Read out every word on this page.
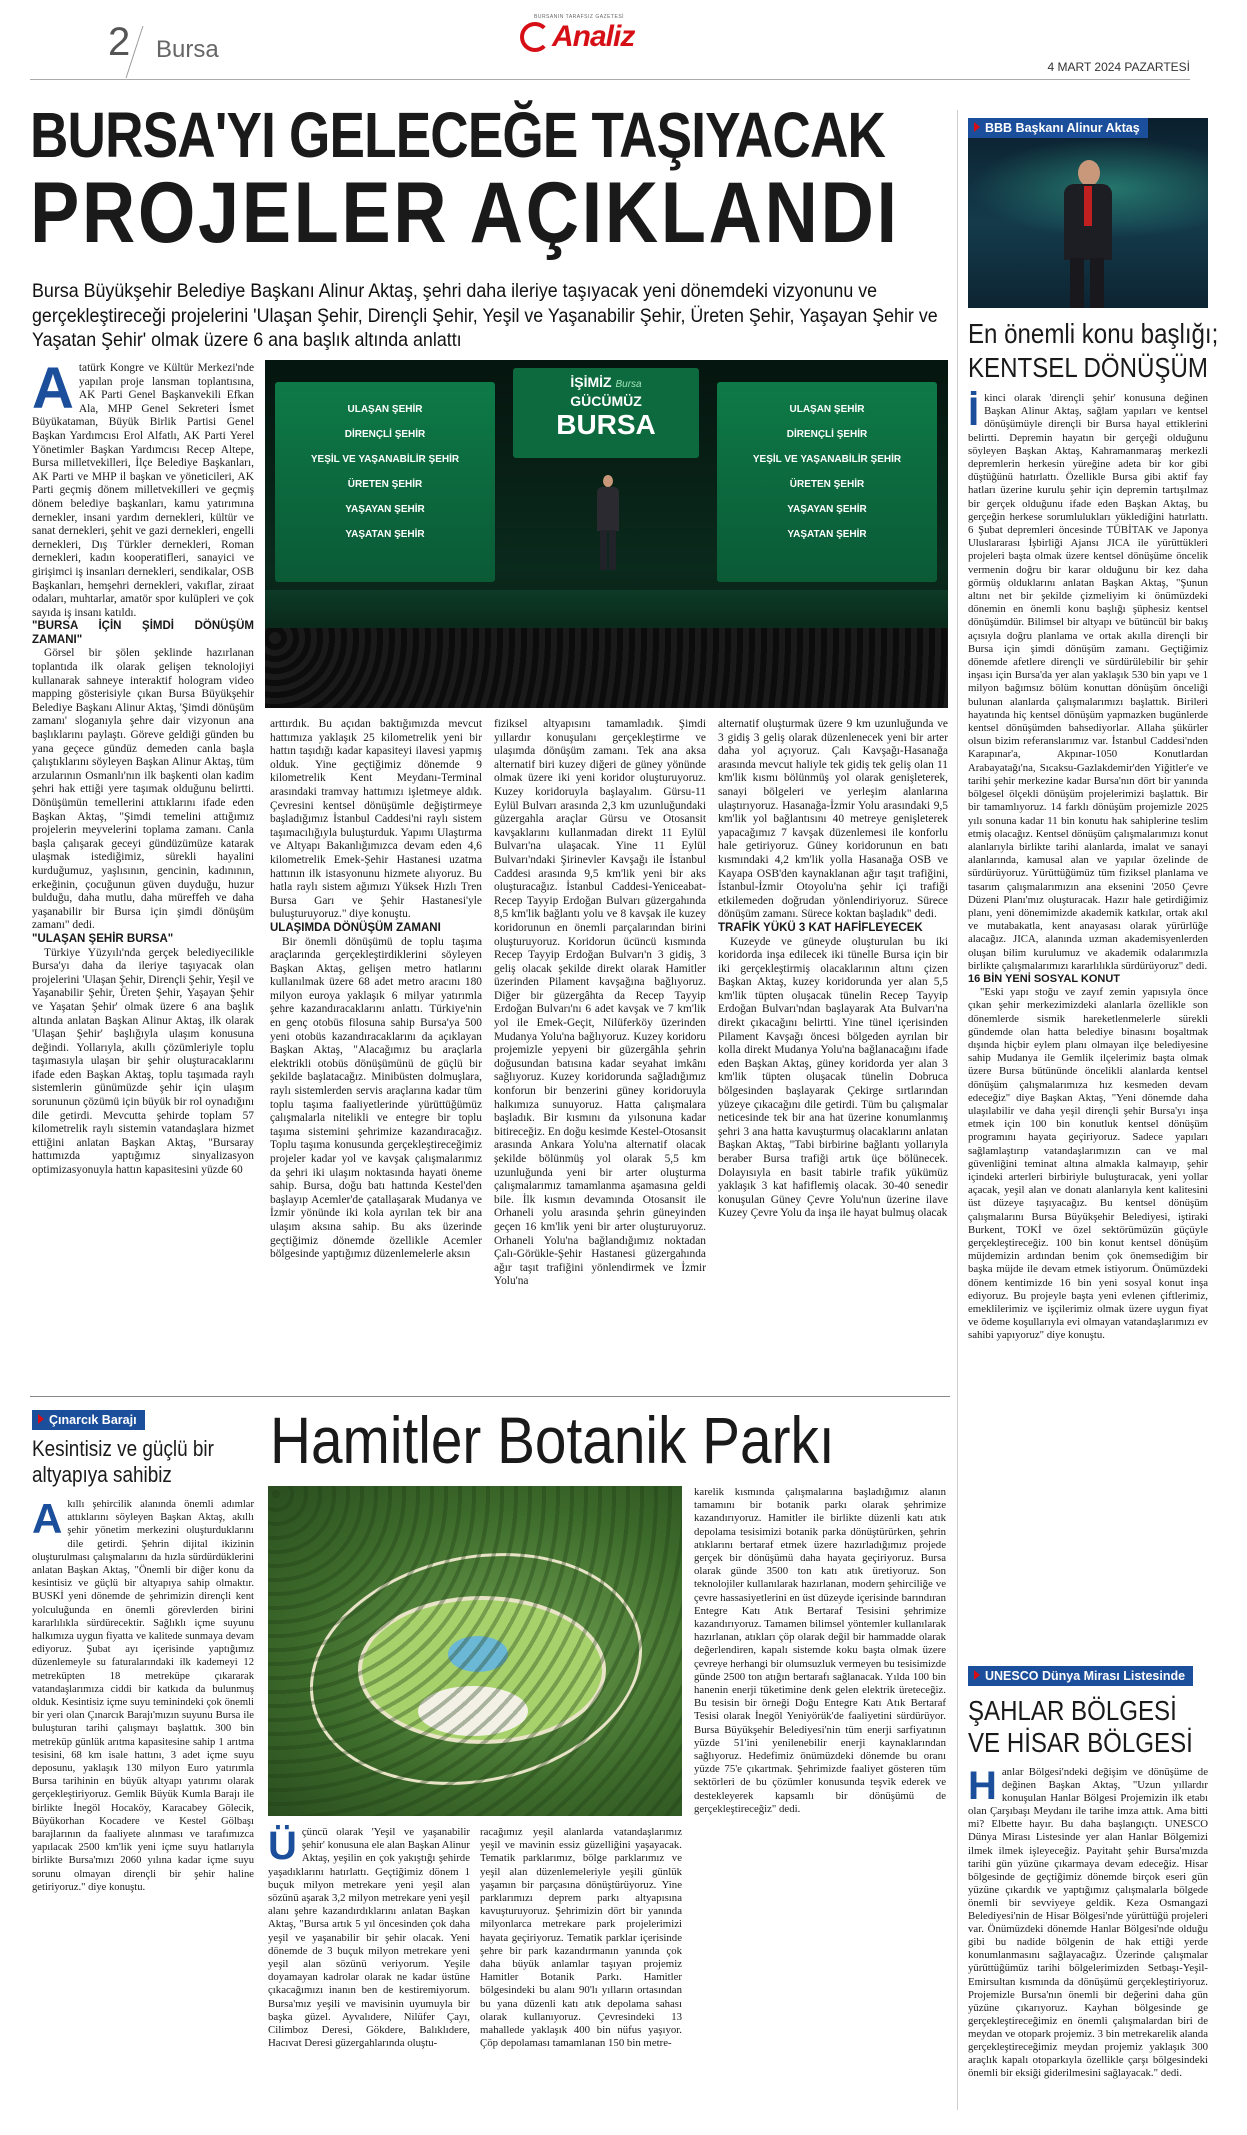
2 Bursa
BURSANIN TARAFSIZ GAZETESİ
Analiz
4 MART 2024 PAZARTESİ
BURSA'YI GELECEĞE TAŞIYACAK
PROJELER AÇIKLANDI
Bursa Büyükşehir Belediye Başkanı Alinur Aktaş, şehri daha ileriye taşıyacak yeni dönemdeki vizyonunu ve gerçekleştireceği projelerini 'Ulaşan Şehir, Dirençli Şehir, Yeşil ve Yaşanabilir Şehir, Üreten Şehir, Yaşayan Şehir ve Yaşatan Şehir' olmak üzere 6 ana başlık altında anlattı
BBB Başkanı Alinur Aktaş
En önemli konu başlığı;
KENTSEL DÖNÜŞÜM
İ kinci olarak 'dirençli şehir' konusuna değinen Başkan Alinur Aktaş, sağlam yapıları ve kentsel dönüşümüyle dirençli bir Bursa hayal ettiklerini belirtti. Depremin hayatın bir gerçeği olduğunu söyleyen Başkan Aktaş, Kahramanmaraş merkezli depremlerin herkesin yüreğine adeta bir kor gibi düştüğünü hatırlattı. Özellikle Bursa gibi aktif fay hatları üzerine kurulu şehir için depremin tartışılmaz bir gerçek olduğunu ifade eden Başkan Aktaş, bu gerçeğin herkese sorumlulukları yüklediğini hatırlattı. 6 Şubat depremleri öncesinde TÜBİTAK ve Japonya Uluslararası İşbirliği Ajansı JICA ile yürüttükleri projeleri başta olmak üzere kentsel dönüşüme öncelik vermenin doğru bir karar olduğunu bir kez daha görmüş olduklarını anlatan Başkan Aktaş, "Şunun altını net bir şekilde çizmeliyim ki önümüzdeki dönemin en önemli konu başlığı şüphesiz kentsel dönüşümdür. Bilimsel bir altyapı ve bütüncül bir bakış açısıyla doğru planlama ve ortak akılla dirençli bir Bursa için şimdi dönüşüm zamanı. Geçtiğimiz dönemde afetlere dirençli ve sürdürülebilir bir şehir inşası için Bursa'da yer alan yaklaşık 530 bin yapı ve 1 milyon bağımsız bölüm konuttan dönüşüm önceliği bulunan alanlarda çalışmalarımızı başlattık. Birileri hayatında hiç kentsel dönüşüm yapmazken bugünlerde kentsel dönüşümden bahsediyorlar. Allaha şükürler olsun bizim referanslarımız var. İstanbul Caddesi'nden Karapınar'a, Akpınar-1050 Konutlardan Arabayatağı'na, Sıcaksu-Gazlakdemir'den Yiğitler'e ve tarihi şehir merkezine kadar Bursa'nın dört bir yanında bölgesel ölçekli dönüşüm projelerimizi başlattık. Bir bir tamamlıyoruz. 14 farklı dönüşüm projemizle 2025 yılı sonuna kadar 11 bin konutu hak sahiplerine teslim etmiş olacağız. Kentsel dönüşüm çalışmalarımızı konut alanlarıyla birlikte tarihi alanlarda, imalat ve sanayi alanlarında, kamusal alan ve yapılar özelinde de sürdürüyoruz. Yürüttüğümüz tüm fiziksel planlama ve tasarım çalışmalarımızın ana eksenini '2050 Çevre Düzeni Planı'mız oluşturacak. Hazır hale getirdiğimiz planı, yeni dönemimizde akademik katkılar, ortak akıl ve mutabakatla, kent anayasası olarak yürürlüğe alacağız. JICA, alanında uzman akademisyenlerden oluşan bilim kurulumuz ve akademik odalarımızla birlikte çalışmalarımızı kararlılıkla sürdürüyoruz" dedi.

16 BİN YENİ SOSYAL KONUT

"Eski yapı stoğu ve zayıf zemin yapısıyla önce çıkan şehir merkezimizdeki alanlarla özellikle son dönemlerde sismik hareketlenmelerle sürekli gündemde olan hatta belediye binasını boşaltmak dışında hiçbir eylem planı olmayan ilçe belediyesine sahip Mudanya ile Gemlik ilçelerimiz başta olmak üzere Bursa bütününde öncelikli alanlarda kentsel dönüşüm çalışmalarımıza hız kesmeden devam edeceğiz" diye Başkan Aktaş, "Yeni dönemde daha ulaşılabilir ve daha yeşil dirençli şehir Bursa'yı inşa etmek için 100 bin konutluk kentsel dönüşüm programını hayata geçiriyoruz. Sadece yapıları sağlamlaştırıp vatandaşlarımızın can ve mal güvenliğini teminat altına almakla kalmayıp, şehir içindeki arterleri birbiriyle buluşturacak, yeni yollar açacak, yeşil alan ve donatı alanlarıyla kent kalitesini üst düzeye taşıyacağız. Bu kentsel dönüşüm çalışmalarını Bursa Büyükşehir Belediyesi, iştiraki Burkent, TOKİ ve özel sektörümüzün güçüyle gerçekleştireceğiz. 100 bin konut kentsel dönüşüm müjdemizin ardından benim çok önemsediğim bir başka müjde ile devam etmek istiyorum. Önümüzdeki dönem kentimizde 16 bin yeni sosyal konut inşa ediyoruz. Bu projeyle başta yeni evlenen çiftlerimiz, emeklilerimiz ve işçilerimiz olmak üzere uygun fiyat ve ödeme koşullarıyla evi olmayan vatandaşlarımızı ev sahibi yapıyoruz" diye konuştu.

UNESCO Dünya Mirası Listesinde
ŞAHLAR BÖLGESİ
VE HİSAR BÖLGESİ
H anlar Bölgesi'ndeki değişim ve dönüşüme de değinen Başkan Aktaş, "Uzun yıllardır konuşulan Hanlar Bölgesi Projemizin ilk etabı olan Çarşıbaşı Meydanı ile tarihe imza attık. Ama bitti mi? Elbette hayır. Bu daha başlangıçtı. UNESCO Dünya Mirası Listesinde yer alan Hanlar Bölgemizi ilmek ilmek işleyeceğiz. Payitaht şehir Bursa'mızda tarihi gün yüzüne çıkarmaya devam edeceğiz. Hisar bölgesinde de geçtiğimiz dönemde birçok eseri gün yüzüne çıkardık ve yaptığımız çalışmalarla bölgede önemli bir sevviyeye geldik. Keza Osmangazi Belediyesi'nin de Hisar Bölgesi'nde yürüttüğü projeleri var. Önümüzdeki dönemde Hanlar Bölgesi'nde olduğu gibi bu nadide bölgenin de hak ettiği yerde konumlanmasını sağlayacağız. Üzerinde çalışmalar yürüttüğümüz tarihi bölgelerimizden Setbaşı-Yeşil-Emirsultan kısmında da dönüşümü gerçekleştiriyoruz. Projemizle Bursa'nın önemli bir değerini daha gün yüzüne çıkarıyoruz. Kayhan bölgesinde ge gerçekleştireceğimiz en önemli çalışmalardan biri de meydan ve otopark projemiz. 3 bin metrekarelik alanda gerçekleştireceğimiz meydan projemiz yaklaşık 300 araçlık kapalı otoparkıyla özellikle çarşı bölgesindeki önemli bir eksiği giderilmesini sağlayacak." dedi.

ULAŞAN ŞEHİR
DİRENÇLİ ŞEHİR
YEŞİL VE YAŞANABİLİR ŞEHİR
ÜRETEN ŞEHİR
YAŞAYAN ŞEHİR
YAŞATAN ŞEHİR
İŞİMİZ Bursa
GÜCÜMÜZ
BURSA	ULAŞAN ŞEHİR
DİRENÇLİ ŞEHİR
YEŞİL VE YAŞANABİLİR ŞEHİR
ÜRETEN ŞEHİR
YAŞAYAN ŞEHİR
YAŞATAN ŞEHİR
A tatürk Kongre ve Kültür Merkezi'nde yapılan proje lansman toplantısına, AK Parti Genel Başkanvekili Efkan Ala, MHP Genel Sekreteri İsmet Büyükataman, Büyük Birlik Partisi Genel Başkan Yardımcısı Erol Alfatlı, AK Parti Yerel Yönetimler Başkan Yardımcısı Recep Altepe, Bursa milletvekilleri, İlçe Belediye Başkanları, AK Parti ve MHP il başkan ve yöneticileri, AK Parti geçmiş dönem milletvekilleri ve geçmiş dönem belediye başkanları, kamu yatırımına dernekler, insani yardım dernekleri, kültür ve sanat dernekleri, şehit ve gazi dernekleri, engelli dernekleri, Dış Türkler dernekleri, Roman dernekleri, kadın kooperatifleri, sanayici ve girişimci iş insanları dernekleri, sendikalar, OSB Başkanları, hemşehri dernekleri, vakıflar, ziraat odaları, muhtarlar, amatör spor kulüpleri ve çok sayıda iş insanı katıldı.

"BURSA İÇİN ŞİMDİ DÖNÜŞÜM ZAMANI"

Görsel bir şölen şeklinde hazırlanan toplantıda ilk olarak gelişen teknolojiyi kullanarak sahneye interaktif hologram video mapping gösterisiyle çıkan Bursa Büyükşehir Belediye Başkanı Alinur Aktaş, 'Şimdi dönüşüm zamanı' sloganıyla şehre dair vizyonun ana başlıklarını paylaştı. Göreve geldiği günden bu yana geçece gündüz demeden canla başla çalıştıklarını söyleyen Başkan Alinur Aktaş, tüm arzularının Osmanlı'nın ilk başkenti olan kadim şehri hak ettiği yere taşımak olduğunu belirtti. Dönüşümün temellerini attıklarını ifade eden Başkan Aktaş, "Şimdi temelini attığımız projelerin meyvelerini toplama zamanı. Canla başla çalışarak geceyi gündüzümüze katarak ulaşmak istediğimiz, sürekli hayalini kurduğumuz, yaşlısının, gencinin, kadınının, erkeğinin, çocuğunun güven duyduğu, huzur bulduğu, daha mutlu, daha müreffeh ve daha yaşanabilir bir Bursa için şimdi dönüşüm zamanı" dedi.

"ULAŞAN ŞEHİR BURSA"

Türkiye Yüzyılı'nda gerçek belediyecilikle Bursa'yı daha da ileriye taşıyacak olan projelerini 'Ulaşan Şehir, Dirençli Şehir, Yeşil ve Yaşanabilir Şehir, Üreten Şehir, Yaşayan Şehir ve Yaşatan Şehir' olmak üzere 6 ana başlık altında anlatan Başkan Alinur Aktaş, ilk olarak 'Ulaşan Şehir' başlığıyla ulaşım konusuna değindi. Yollarıyla, akıllı çözümleriyle toplu taşımasıyla ulaşan bir şehir oluşturacaklarını ifade eden Başkan Aktaş, toplu taşımada raylı sistemlerin günümüzde şehir için ulaşım sorununun çözümü için büyük bir rol oynadığını dile getirdi. Mevcutta şehirde toplam 57 kilometrelik raylı sistemin vatandaşlara hizmet ettiğini anlatan Başkan Aktaş, "Bursaray hattımızda yaptığımız sinyalizasyon optimizasyonuyla hattın kapasitesini yüzde 60

arttırdık. Bu açıdan baktığımızda mevcut hattımıza yaklaşık 25 kilometrelik yeni bir hattın taşıdığı kadar kapasiteyi ilavesi yapmış olduk. Yine geçtiğimiz dönemde 9 kilometrelik Kent Meydanı-Terminal arasındaki tramvay hattımızı işletmeye aldık. Çevresini kentsel dönüşümle değiştirmeye başladığımız İstanbul Caddesi'ni raylı sistem taşımacılığıyla buluşturduk. Yapımı Ulaştırma ve Altyapı Bakanlığımızca devam eden 4,6 kilometrelik Emek-Şehir Hastanesi uzatma hattının ilk istasyonunu hizmete alıyoruz. Bu hatla raylı sistem ağımızı Yüksek Hızlı Tren Bursa Garı ve Şehir Hastanesi'yle buluşturuyoruz." diye konuştu.

ULAŞIMDA DÖNÜŞÜM ZAMANI

Bir önemli dönüşümü de toplu taşıma araçlarında gerçekleştirdiklerini söyleyen Başkan Aktaş, gelişen metro hatlarını kullanılmak üzere 68 adet metro aracını 180 milyon euroya yaklaşık 6 milyar yatırımla şehre kazandıracaklarını anlattı. Türkiye'nin en genç otobüs filosuna sahip Bursa'ya 500 yeni otobüs kazandıracaklarını da açıklayan Başkan Aktaş, "Alacağımız bu araçlarla elektrikli otobüs dönüşümünü de güçlü bir şekilde başlatacağız. Minibüsten dolmuşlara, raylı sistemlerden servis araçlarına kadar tüm toplu taşıma faaliyetlerinde yürüttüğümüz çalışmalarla nitelikli ve entegre bir toplu taşıma sistemini şehrimize kazandıracağız. Toplu taşıma konusunda gerçekleştireceğimiz projeler kadar yol ve kavşak çalışmalarımız da şehri iki ulaşım noktasında hayati öneme sahip. Bursa, doğu batı hattında Kestel'den başlayıp Acemler'de çatallaşarak Mudanya ve İzmir yönünde iki kola ayrılan tek bir ana ulaşım aksına sahip. Bu aks üzerinde geçtiğimiz dönemde özellikle Acemler bölgesinde yaptığımız düzenlemelerle aksın

fiziksel altyapısını tamamladık. Şimdi yıllardır konuşulanı gerçekleştirme ve ulaşımda dönüşüm zamanı. Tek ana aksa alternatif biri kuzey diğeri de güney yönünde olmak üzere iki yeni koridor oluşturuyoruz. Kuzey koridoruyla başlayalım. Gürsu-11 Eylül Bulvarı arasında 2,3 km uzunluğundaki güzergahla araçlar Gürsu ve Otosansit kavşaklarını kullanmadan direkt 11 Eylül Bulvarı'na ulaşacak. Yine 11 Eylül Bulvarı'ndaki Şirinevler Kavşağı ile İstanbul Caddesi arasında 9,5 km'lik yeni bir aks oluşturacağız. İstanbul Caddesi-Yeniceabat-Recep Tayyip Erdoğan Bulvarı güzergahında 8,5 km'lik bağlantı yolu ve 8 kavşak ile kuzey koridorunun en önemli parçalarından birini oluşturuyoruz. Koridorun ücüncü kısmında Recep Tayyip Erdoğan Bulvarı'n 3 gidiş, 3 geliş olacak şekilde direkt olarak Hamitler üzerinden Pilament kavşağına bağlıyoruz. Diğer bir güzergâhta da Recep Tayyip Erdoğan Bulvarı'nı 6 adet kavşak ve 7 km'lik yol ile Emek-Geçit, Nilüferköy üzerinden Mudanya Yolu'na bağlıyoruz. Kuzey koridoru projemizle yepyeni bir güzergâhla şehrin doğusundan batısına kadar seyahat imkânı sağlıyoruz. Kuzey koridorunda sağladığımız konforun bir benzerini güney koridoruyla halkımıza sunuyoruz. Hatta çalışmalara başladık. Bir kısmını da yılsonuna kadar bitireceğiz. En doğu kesimde Kestel-Otosansit arasında Ankara Yolu'na alternatif olacak şekilde bölünmüş yol olarak 5,5 km uzunluğunda yeni bir arter oluşturma çalışmalarımız tamamlanma aşamasına geldi bile. İlk kısmın devamında Otosansit ile Orhaneli yolu arasında şehrin güneyinden geçen 16 km'lik yeni bir arter oluşturuyoruz. Orhaneli Yolu'na bağlandığımız noktadan Çalı-Görükle-Şehir Hastanesi güzergahında ağır taşıt trafiğini yönlendirmek ve İzmir Yolu'na

alternatif oluşturmak üzere 9 km uzunluğunda ve 3 gidiş 3 geliş olarak düzenlenecek yeni bir arter daha yol açıyoruz. Çalı Kavşağı-Hasanağa arasında mevcut haliyle tek gidiş tek geliş olan 11 km'lik kısmı bölünmüş yol olarak genişleterek, sanayi bölgeleri ve yerleşim alanlarına ulaştırıyoruz. Hasanağa-İzmir Yolu arasındaki 9,5 km'lik yol bağlantısını 40 metreye genişleterek yapacağımız 7 kavşak düzenlemesi ile konforlu hale getiriyoruz. Güney koridorunun en batı kısmındaki 4,2 km'lik yolla Hasanağa OSB ve Kayapa OSB'den kaynaklanan ağır taşıt trafiğini, İstanbul-İzmir Otoyolu'na şehir içi trafiği etkilemeden doğrudan yönlendiriyoruz. Sürece dönüşüm zamanı. Sürece koktan başladık" dedi.

TRAFİK YÜKÜ 3 KAT HAFİFLEYECEK

Kuzeyde ve güneyde oluşturulan bu iki koridorda inşa edilecek iki tünelle Bursa için bir iki gerçekleştirmiş olacaklarının altını çizen Başkan Aktaş, kuzey koridorunda yer alan 5,5 km'lik tüpten oluşacak tünelin Recep Tayyip Erdoğan Bulvarı'ndan başlayarak Ata Bulvarı'na direkt çıkacağını belirtti. Yine tünel içerisinden Pilament Kavşağı öncesi bölgeden ayrılan bir kolla direkt Mudanya Yolu'na bağlanacağını ifade eden Başkan Aktaş, güney koridorda yer alan 3 km'lik tüpten oluşacak tünelin Dobruca bölgesinden başlayarak Çekirge sırtlarından yüzeye çıkacağını dile getirdi. Tüm bu çalışmalar neticesinde tek bir ana hat üzerine konumlanmış şehri 3 ana hatta kavuşturmuş olacaklarını anlatan Başkan Aktaş, "Tabi birbirine bağlantı yollarıyla beraber Bursa trafiği artık üçe bölünecek. Dolayısıyla en basit tabirle trafik yükümüz yaklaşık 3 kat hafiflemiş olacak. 30-40 senedir konuşulan Güney Çevre Yolu'nun üzerine ilave Kuzey Çevre Yolu da inşa ile hayat bulmuş olacak

Çınarcık Barajı
Kesintisiz ve güçlü bir
altyapıya sahibiz
A kıllı şehircilik alanında önemli adımlar attıklarını söyleyen Başkan Aktaş, akıllı şehir yönetim merkezini oluşturduklarını dile getirdi. Şehrin dijital ikizinin oluşturulması çalışmalarını da hızla sürdürdüklerini anlatan Başkan Aktaş, "Önemli bir diğer konu da kesintisiz ve güçlü bir altyapıya sahip olmaktır. BUSKİ yeni dönemde de şehrimizin dirençli kent yolculuğunda en önemli görevlerden birini kararlılıkla sürdürecektir. Sağlıklı içme suyunu halkımıza uygun fiyatta ve kalitede sunmaya devam ediyoruz. Şubat ayı içerisinde yaptığımız düzenlemeyle su faturalarındaki ilk kademeyi 12 metreküpten 18 metreküpe çıkararak vatandaşlarımıza ciddi bir katkıda da bulunmuş olduk. Kesintisiz içme suyu teminindeki çok önemli bir yeri olan Çınarcık Barajı'mızın suyunu Bursa ile buluşturan tarihi çalışmayı başlattık. 300 bin metreküp günlük arıtma kapasitesine sahip 1 arıtma tesisini, 68 km isale hattını, 3 adet içme suyu deposunu, yaklaşık 130 milyon Euro yatırımla Bursa tarihinin en büyük altyapı yatırımı olarak gerçekleştiriyoruz. Gemlik Büyük Kumla Barajı ile birlikte İnegöl Hocaköy, Karacabey Gölecik, Büyükorhan Kocadere ve Kestel Gölbaşı barajlarının da faaliyete alınması ve tarafımızca yapılacak 2500 km'lik yeni içme suyu hatlarıyla birlikte Bursa'mızı 2060 yılına kadar içme suyu sorunu olmayan dirençli bir şehir haline getiriyoruz." diye konuştu.

Hamitler Botanik Parkı
Ü çüncü olarak 'Yeşil ve yaşanabilir şehir' konusuna ele alan Başkan Alinur Aktaş, yeşilin en çok yakıştığı şehirde yaşadıklarını hatırlattı. Geçtiğimiz dönem 1 buçuk milyon metrekare yeni yeşil alan sözünü aşarak 3,2 milyon metrekare yeni yeşil alanı şehre kazandırdıklarını anlatan Başkan Aktaş, "Bursa artık 5 yıl öncesinden çok daha yeşil ve yaşanabilir bir şehir olacak. Yeni dönemde de 3 buçuk milyon metrekare yeni yeşil alan sözünü veriyorum. Yeşile doyamayan kadrolar olarak ne kadar üstüne çıkacağımızı inanın ben de kestiremiyorum. Bursa'mız yeşili ve mavisinin uyumuyla bir başka güzel. Ayvalıdere, Nilüfer Çayı, Cilimboz Deresi, Gökdere, Balıklıdere, Hacıvat Deresi güzergahlarında oluştu-

racağımız yeşil alanlarda vatandaşlarımız yeşil ve mavinin essiz güzelliğini yaşayacak. Tematik parklarımız, bölge parklarımız ve yeşil alan düzenlemeleriyle yeşili günlük yaşamın bir parçasına dönüştürüyoruz. Yine parklarımızı deprem parkı altyapısına kavuşturuyoruz. Şehrimizin dört bir yanında milyonlarca metrekare park projelerimizi hayata geçiriyoruz. Tematik parklar içerisinde şehre bir park kazandırmanın yanında çok daha büyük anlamlar taşıyan projemiz Hamitler Botanik Parkı. Hamitler bölgesindeki bu alanı 90'lı yılların ortasından bu yana düzenli katı atık depolama sahası olarak kullanıyoruz. Çevresindeki 13 mahallede yaklaşık 400 bin nüfus yaşıyor. Çöp depolaması tamamlanan 150 bin metre-

karelik kısmında çalışmalarına başladığımız alanın tamamını bir botanik parkı olarak şehrimize kazandırıyoruz. Hamitler ile birlikte düzenli katı atık depolama tesisimizi botanik parka dönüştürürken, şehrin atıklarını bertaraf etmek üzere hazırladığımız projede gerçek bir dönüşümü daha hayata geçiriyoruz. Bursa olarak günde 3500 ton katı atık üretiyoruz. Son teknolojiler kullanılarak hazırlanan, modern şehirciliğe ve çevre hassasiyetlerini en üst düzeyde içerisinde barındıran Entegre Katı Atık Bertaraf Tesisini şehrimize kazandırıyoruz. Tamamen bilimsel yöntemler kullanılarak hazırlanan, atıkları çöp olarak değil bir hammadde olarak değerlendiren, kapalı sistemde koku başta olmak üzere çevreye herhangi bir olumsuzluk vermeyen bu tesisimizde günde 2500 ton atığın bertarafı sağlanacak. Yılda 100 bin hanenin enerji tüketimine denk gelen elektrik üreteceğiz. Bu tesisin bir örneği Doğu Entegre Katı Atık Bertaraf Tesisi olarak İnegöl Yeniyörük'de faaliyetini sürdürüyor. Bursa Büyükşehir Belediyesi'nin tüm enerji sarfiyatının yüzde 51'ini yenilenebilir enerji kaynaklarından sağlıyoruz. Hedefimiz önümüzdeki dönemde bu oranı yüzde 75'e çıkartmak. Şehrimizde faaliyet gösteren tüm sektörleri de bu çözümler konusunda teşvik ederek ve destekleyerek kapsamlı bir dönüşümü de gerçekleştireceğiz" dedi.
